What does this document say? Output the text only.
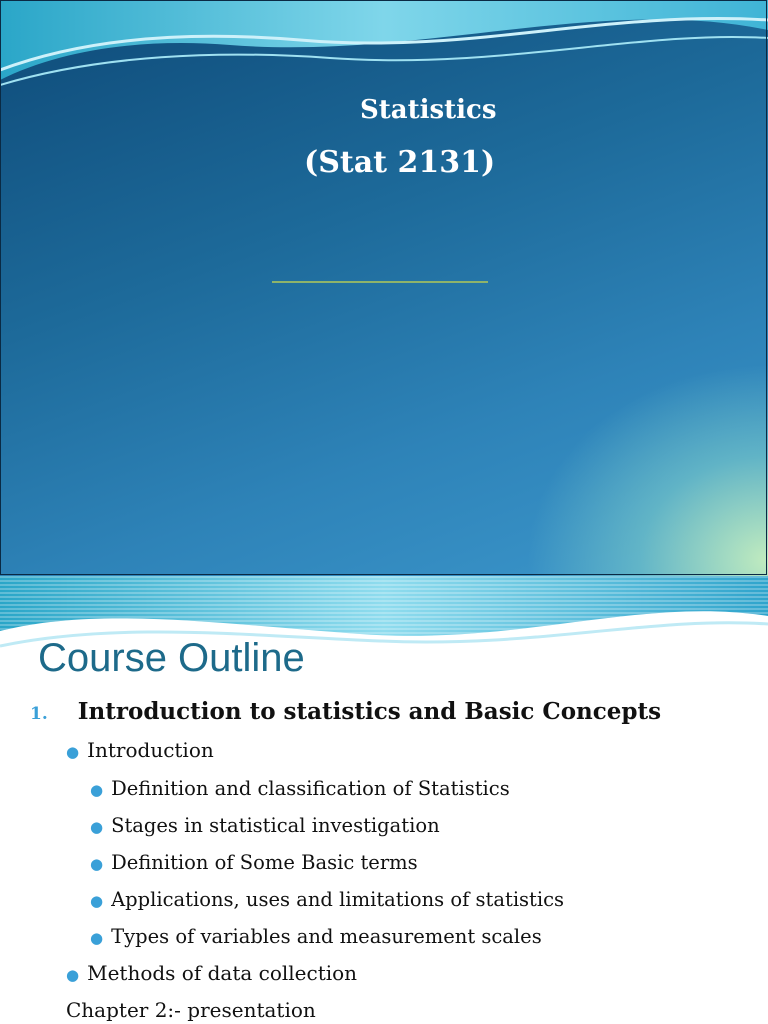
Statistics
(Stat 2131)
Course Outline
1. Introduction to statistics and Basic Concepts
● Introduction
● Definition and classification of Statistics
● Stages in statistical investigation
● Definition of Some Basic terms
● Applications, uses and limitations of statistics
● Types of variables and measurement scales
● Methods of data collection
Chapter 2:- presentation
